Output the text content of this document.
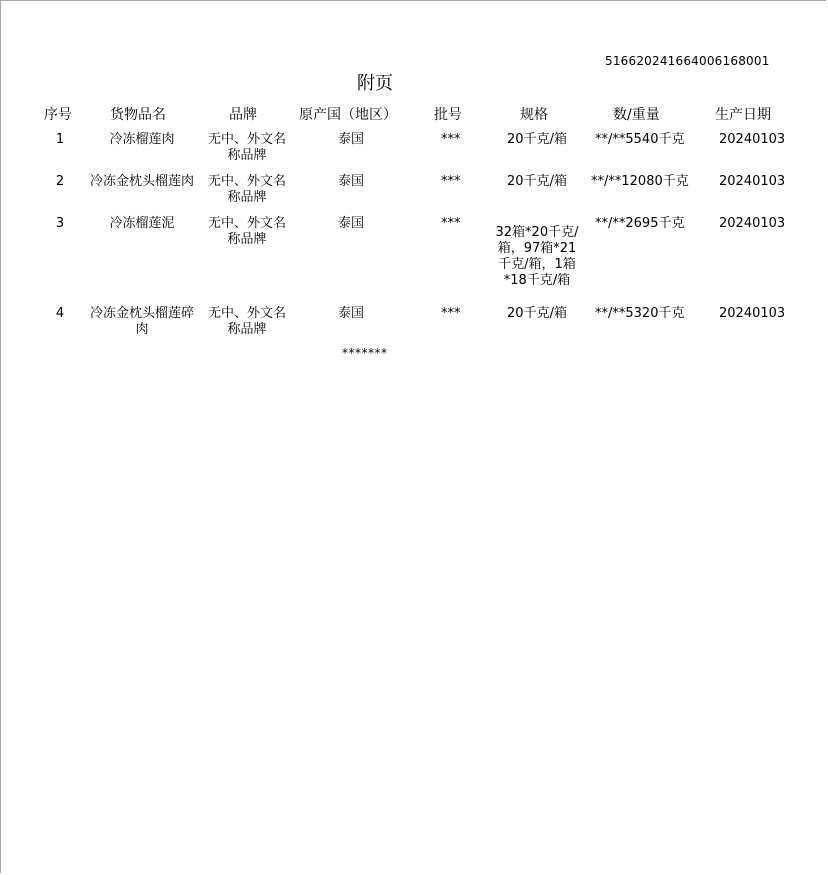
51662024166400616800​1
附页
序号	货物品名	品牌	原产国（地区）	批号	规格	数/重量	生产日期
1	冷冻榴莲肉	无中、外文名
称品牌
泰国	***	20千克/箱	**/**5540千克	20240103
2	冷冻金枕头榴莲肉	无中、外文名
称品牌
泰国	***	20千克/箱	**/**12080千克 20240103
3	冷冻榴莲泥	无中、外文名
称品牌
泰国	***
32箱*20千克/
箱，97箱*21
千克/箱，1箱
*18千克/箱
**/**2695千克	20240103
4	冷冻金枕头榴莲碎
肉
无中、外文名
称品牌
泰国	***	20千克/箱	**/**5320千克	20240103
*******
